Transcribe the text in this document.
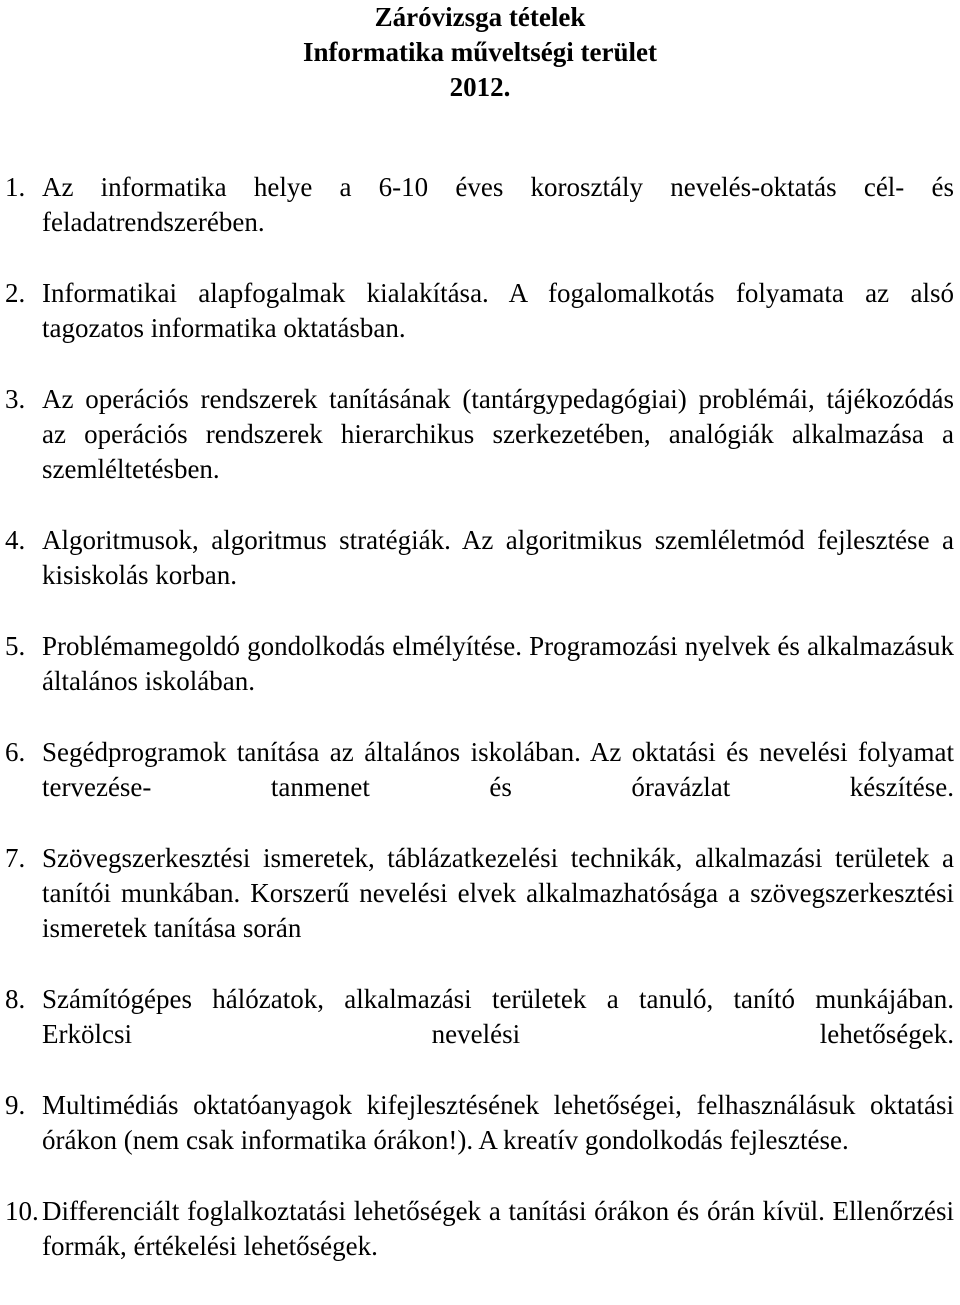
Záróvizsga tételek
Informatika műveltségi terület
2012.
1. Az informatika helye a 6-10 éves korosztály nevelés-oktatás cél- és feladatrendszerében.
2. Informatikai alapfogalmak kialakítása. A fogalomalkotás folyamata az alsó tagozatos informatika oktatásban.
3. Az operációs rendszerek tanításának (tantárgypedagógiai) problémái, tájékozódás az operációs rendszerek hierarchikus szerkezetében, analógiák alkalmazása a szemléltetésben.
4. Algoritmusok, algoritmus stratégiák. Az algoritmikus szemléletmód fejlesztése a kisiskolás korban.
5. Problémamegoldó gondolkodás elmélyítése. Programozási nyelvek és alkalmazásuk általános iskolában.
6. Segédprogramok tanítása az általános iskolában. Az oktatási és nevelési folyamat tervezése- tanmenet és óravázlat készítése.
7. Szövegszerkesztési ismeretek, táblázatkezelési technikák, alkalmazási területek a tanítói munkában. Korszerű nevelési elvek alkalmazhatósága a szövegszerkesztési ismeretek tanítása során
8. Számítógépes hálózatok, alkalmazási területek a tanuló, tanító munkájában. Erkölcsi nevelési lehetőségek.
9. Multimédiás oktatóanyagok kifejlesztésének lehetőségei, felhasználásuk oktatási órákon (nem csak informatika órákon!). A kreatív gondolkodás fejlesztése.
10. Differenciált foglalkoztatási lehetőségek a tanítási órákon és órán kívül. Ellenőrzési formák, értékelési lehetőségek.
